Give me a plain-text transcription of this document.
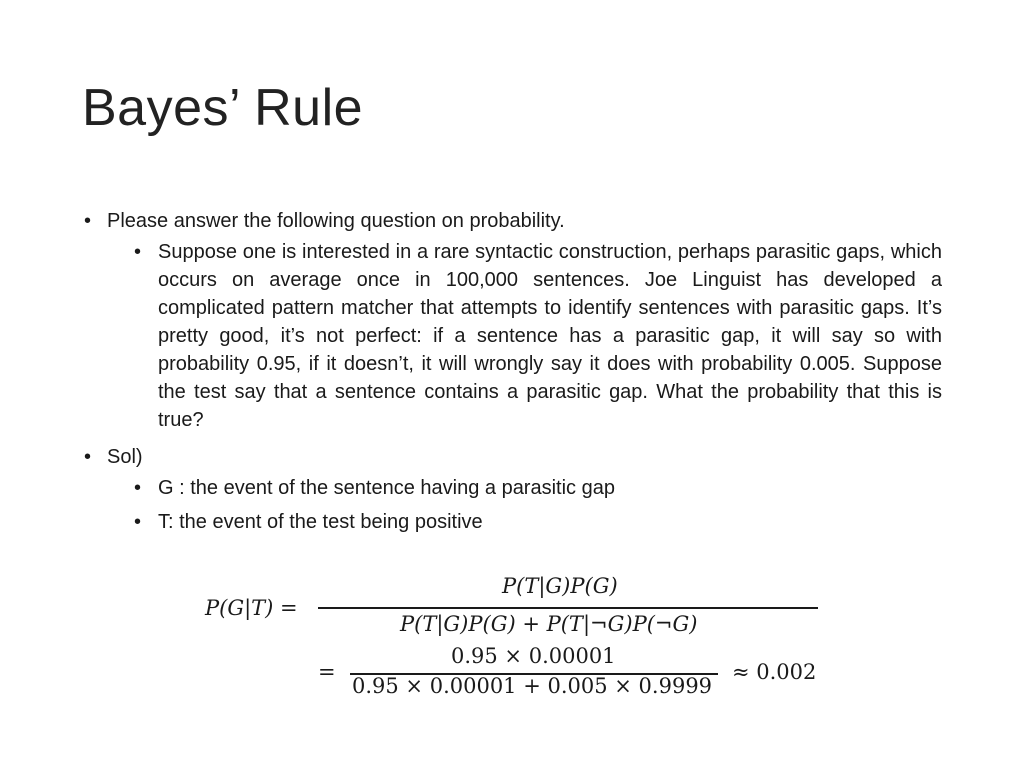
Bayes’ Rule
• Please answer the following question on probability.
• Suppose one is interested in a rare syntactic construction, perhaps parasitic gaps, which occurs on average once in 100,000 sentences. Joe Linguist has developed a complicated pattern matcher that attempts to identify sentences with parasitic gaps. It’s pretty good, it’s not perfect: if a sentence has a parasitic gap, it will say so with probability 0.95, if it doesn’t, it will wrongly say it does with probability 0.005. Suppose the test say that a sentence contains a parasitic gap. What the probability that this is true?
• Sol)
• G : the event of the sentence having a parasitic gap
• T: the event of the test being positive
P(G|T) =
P(T|G)P(G)
P(T|G)P(G) + P(T|¬G)P(¬G)
=
0.95 × 0.00001
0.95 × 0.00001 + 0.005 × 0.9999
≈ 0.002
